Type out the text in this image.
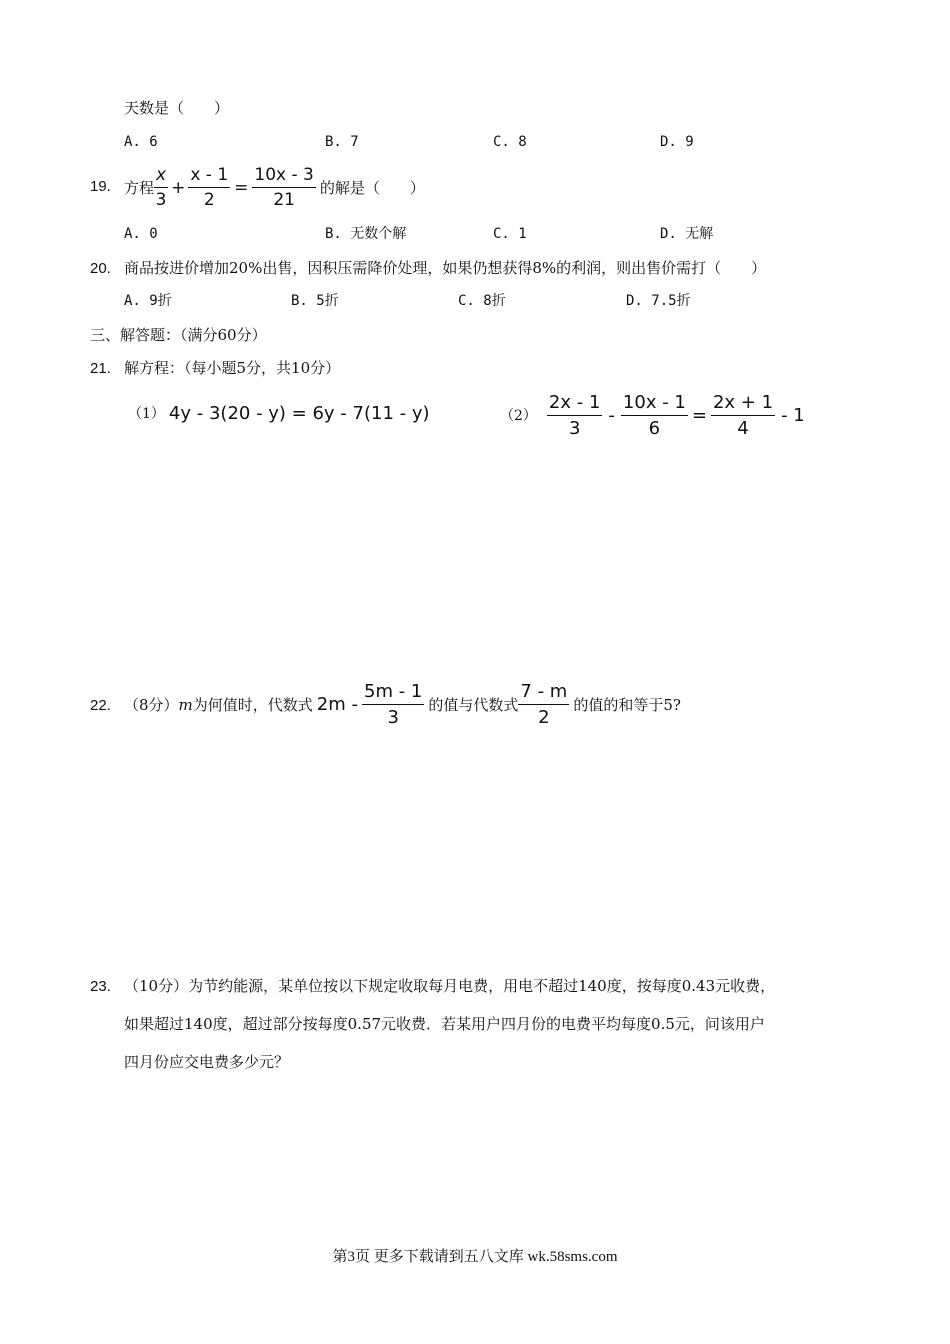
天数是（　　）
A. 6	B. 7	C. 8	D. 9
19. 方程 $\frac{x}{3} + \frac{x - 1}{2} = \frac{10x - 3}{21}$ 的解是（　　）
A. 0	B. 无数个解	C. 1	D. 无解
20. 商品按进价增加20%出售，因积压需降价处理，如果仍想获得8%的利润，则出售价需打（　　）
A. 9折	B. 5折	C. 8折	D. 7.5折
三、解答题：（满分60分）
21. 解方程：（每小题5分，共10分）
（1） 4y - 3(20 - y) = 6y - 7(11 - y)	$(2) \frac{2x - 1}{3} - \frac{10x - 1}{6} = \frac{2x + 1}{4} - 1$
22. （8分） m 为何值时，代数式 $2m - \frac{5m - 1}{3}$ 的值与代数式 $\frac{7 - m}{2}$ 的值的和等于5?
23. （10分）为节约能源，某单位按以下规定收取每月电费，用电不超过140度，按每度0.43元收费，
如果超过140度，超过部分按每度0.57元收费．若某用户四月份的电费平均每度0.5元，问该用户
四月份应交电费多少元？
第3页 更多下载请到五八文库 wk.58sms.com
